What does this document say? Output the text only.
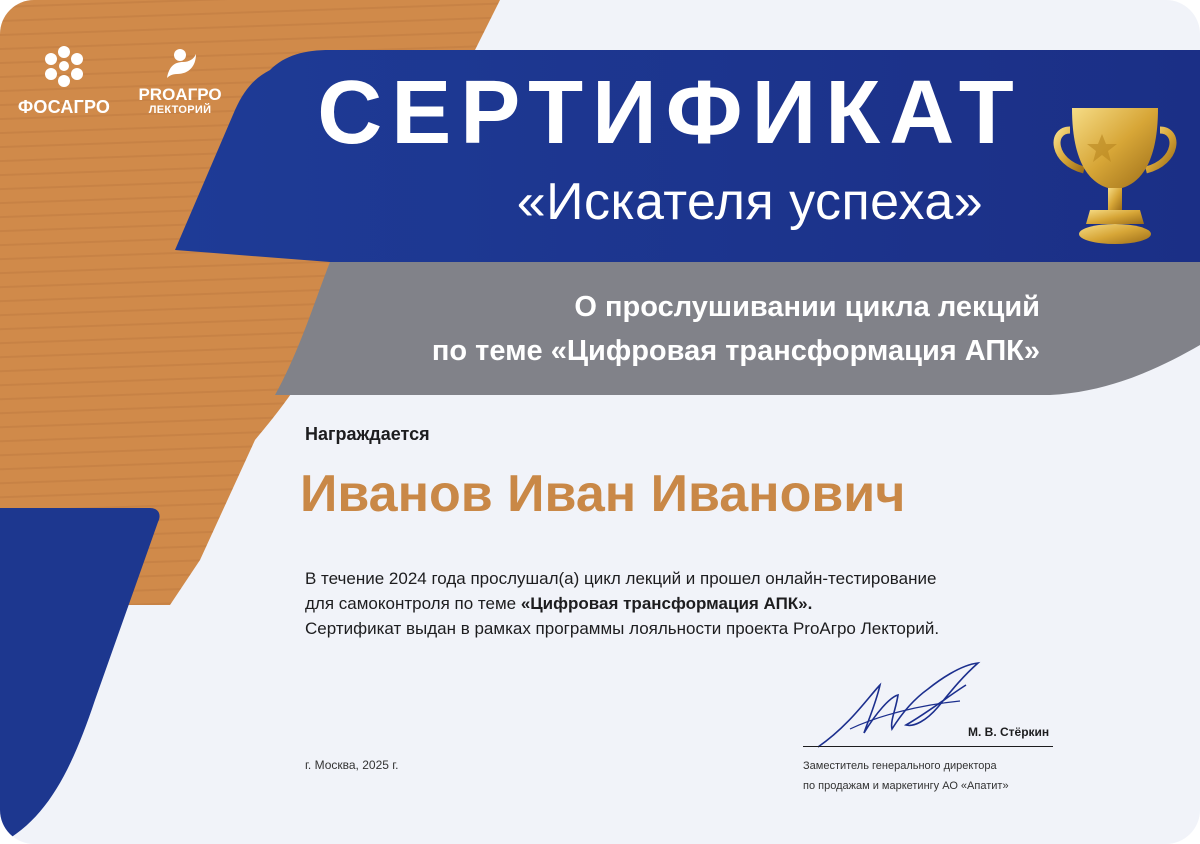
ФОСАГРО
PROАГРО
ЛЕКТОРИЙ	СЕРТИФИКАТ
«Искателя успеха»
О прослушивании цикла лекций
по теме «Цифровая трансформация АПК»
Награждается
Иванов Иван Иванович
В течение 2024 года прослушал(а) цикл лекций и прошел онлайн-тестирование
для самоконтроля по теме «Цифровая трансформация АПК».
Сертификат выдан в рамках программы лояльности проекта ProАгро Лекторий.
г. Москва, 2025 г.
М. В. Стёркин
Заместитель генерального директора
по продажам и маркетингу АО «Апатит»
